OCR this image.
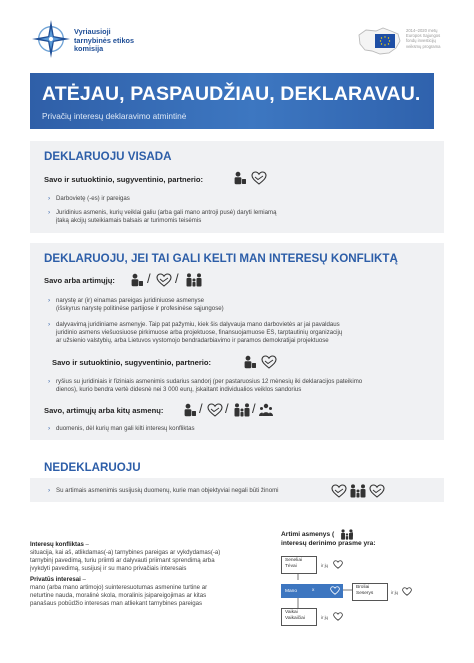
Vyriausioji
tarnybinės etikos
komisija
2014–2020 metų
Europos Sąjungos
fondų investicijų
veiksmų programa
ATĖJAU, PASPAUDŽIAU, DEKLARAVAU.
Privačių interesų deklaravimo atmintinė
DEKLARUOJU VISADA
Savo ir sutuoktinio, sugyventinio, partnerio:
› Darbovietę (-es) ir pareigas
› Juridinius asmenis, kurių veiklai galiu (arba gali mano antroji pusė) daryti lemiamą
įtaką akcijų suteikiamais balsais ar turimomis teisėmis
DEKLARUOJU, JEI TAI GALI KELTI MAN INTERESŲ KONFLIKTĄ
Savo arba artimųjų: / /
› narystę ar (ir) einamas pareigas juridiniuose asmenyse
(išskyrus narystę politinėse partijose ir profesinėse sąjungose)
› dalyvavimą juridiniame asmenyje. Taip pat pažymiu, kiek šis dalyvauja mano darbovietės ar jai pavaldaus
juridinio asmens viešuosiuose pirkimuose arba projektuose, finansuojamuose ES, tarptautinių organizacijų
ar užsienio valstybių, arba Lietuvos vystomojo bendradarbiavimo ir paramos demokratijai projektuose
Savo ir sutuoktinio, sugyventinio, partnerio:
› ryšius su juridiniais ir fiziniais asmenimis sudarius sandorį (per pastaruosius 12 mėnesių iki deklaracijos pateikimo
dienos), kurio bendra vertė didesnė nei 3 000 eurų, įskaitant individualios veiklos sandorius
Savo, artimųjų arba kitų asmenų:	/ / /
› duomenis, dėl kurių man gali kilti interesų konfliktas
NEDEKLARUOJU
› Su artimais asmenimis susijusių duomenų, kurie man objektyviai negali būti žinomi
Interesų konfliktas –
situacija, kai aš, atlikdamas(-a) tarnybines pareigas ar vykdydamas(-a)
tarnybinį pavedimą, turiu priimti ar dalyvauti priimant sprendimą arba
įvykdyti pavedimą, susijusį ir su mano privačiais interesais
Privatūs interesai –
mano (arba mano artimojo) suinteresuotumas asmenine turtine ar
neturtine nauda, moralinė skola, moralinis įsipareigojimas ar kitas
panašaus pobūdžio interesas man atliekant tarnybines pareigas
Artimi asmenys (
interesų derinimo prasme yra:
Seneliai
Tėvai	ir jų
Mano	x
Broliai
Seserys	ir jų
Vaikai
Vaikaičiai	ir jų
